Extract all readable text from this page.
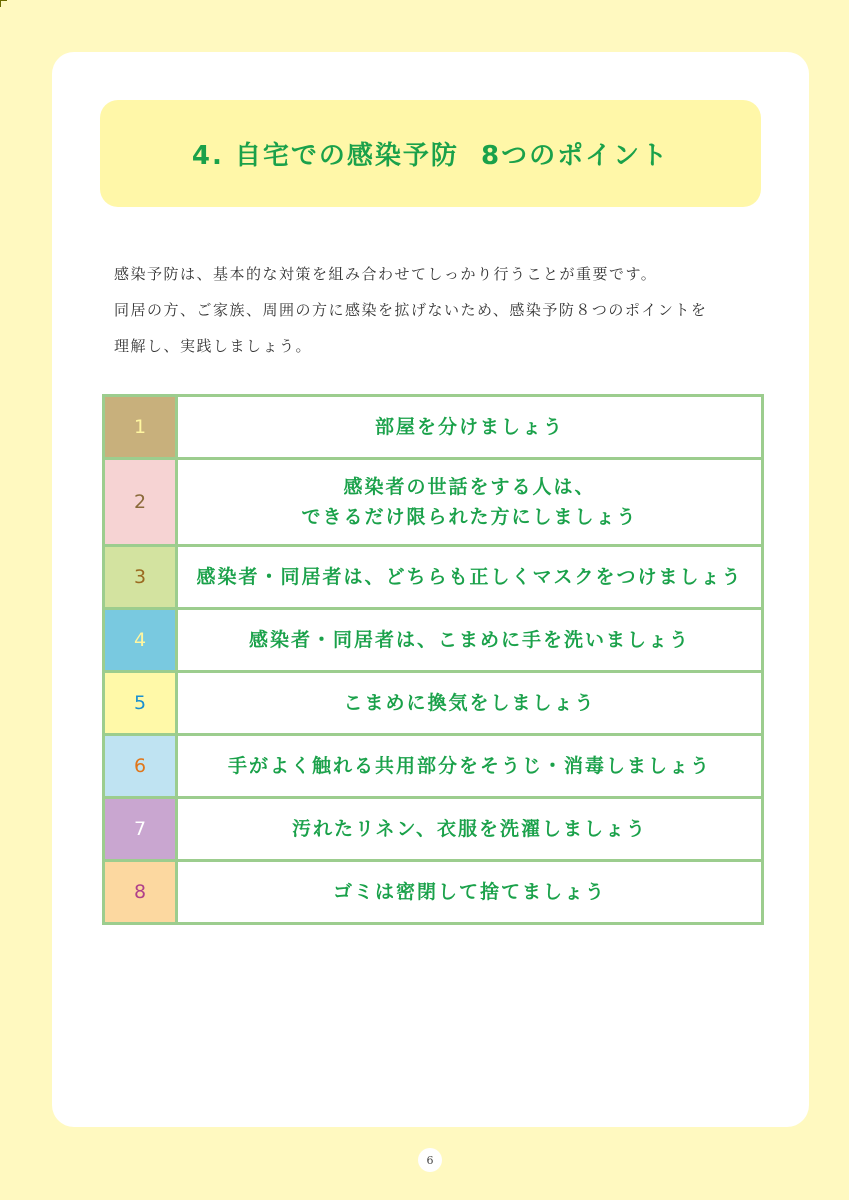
4. 自宅での感染予防  8つのポイント

感染予防は、基本的な対策を組み合わせてしっかり行うことが重要です。

同居の方、ご家族、周囲の方に感染を拡げないため、感染予防８つのポイントを

理解し、実践しましょう。

1	部屋を分けましょう
2
感染者の世話をする人は、
できるだけ限られた方にしましょう
3	感染者・同居者は、どちらも正しくマスクをつけましょう
4	感染者・同居者は、こまめに手を洗いましょう
5	こまめに換気をしましょう
6	手がよく触れる共用部分をそうじ・消毒しましょう
7	汚れたリネン、衣服を洗濯しましょう
8	ゴミは密閉して捨てましょう
6
